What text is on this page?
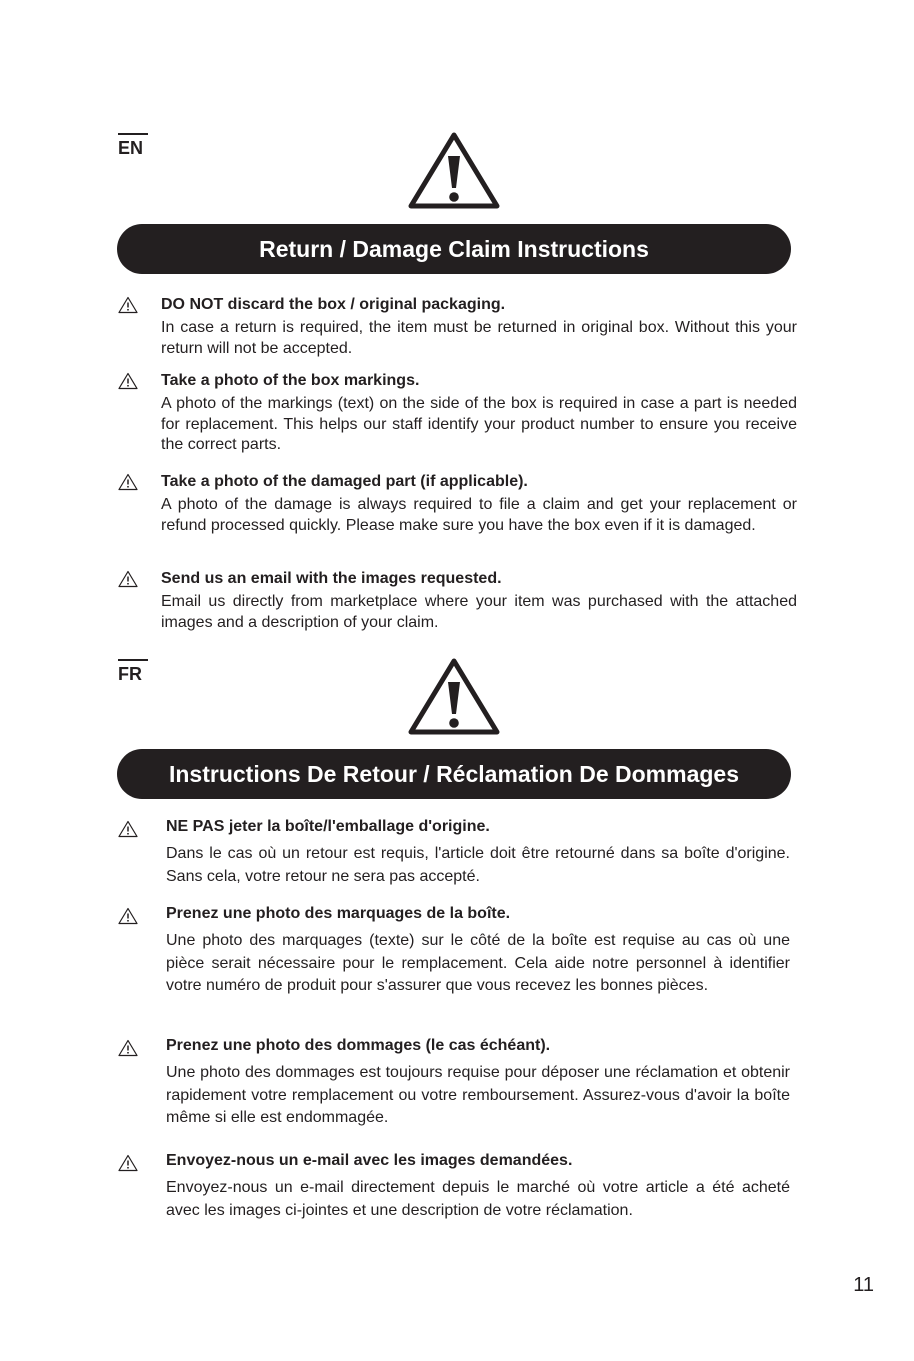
EN
Return / Damage Claim Instructions
DO NOT discard the box / original packaging.
In case a return is required, the item must be returned in original box. Without this your return will not be accepted.
Take a photo of the box markings.
A photo of the markings (text) on the side of the box is required in case a part is needed for replacement. This helps our staff identify your product number to ensure you receive the correct parts.
Take a photo of the damaged part (if applicable).
A photo of the damage is always required to file a claim and get your replacement or refund processed quickly. Please make sure you have the box even if it is damaged.
Send us an email with the images requested.
Email us directly from marketplace where your item was purchased with the attached images and a description of your claim.
FR
Instructions De Retour / Réclamation De Dommages
NE PAS jeter la boîte/l'emballage d'origine.
Dans le cas où un retour est requis, l'article doit être retourné dans sa boîte d'origine. Sans cela, votre retour ne sera pas accepté.
Prenez une photo des marquages de la boîte.
Une photo des marquages (texte) sur le côté de la boîte est requise au cas où une pièce serait nécessaire pour le remplacement. Cela aide notre personnel à identifier votre numéro de produit pour s'assurer que vous recevez les bonnes pièces.
Prenez une photo des dommages (le cas échéant).
Une photo des dommages est toujours requise pour déposer une réclamation et obtenir rapidement votre remplacement ou votre remboursement. Assurez-vous d'avoir la boîte même si elle est endommagée.
Envoyez-nous un e-mail avec les images demandées.
Envoyez-nous un e-mail directement depuis le marché où votre article a été acheté avec les images ci-jointes et une description de votre réclamation.
11
